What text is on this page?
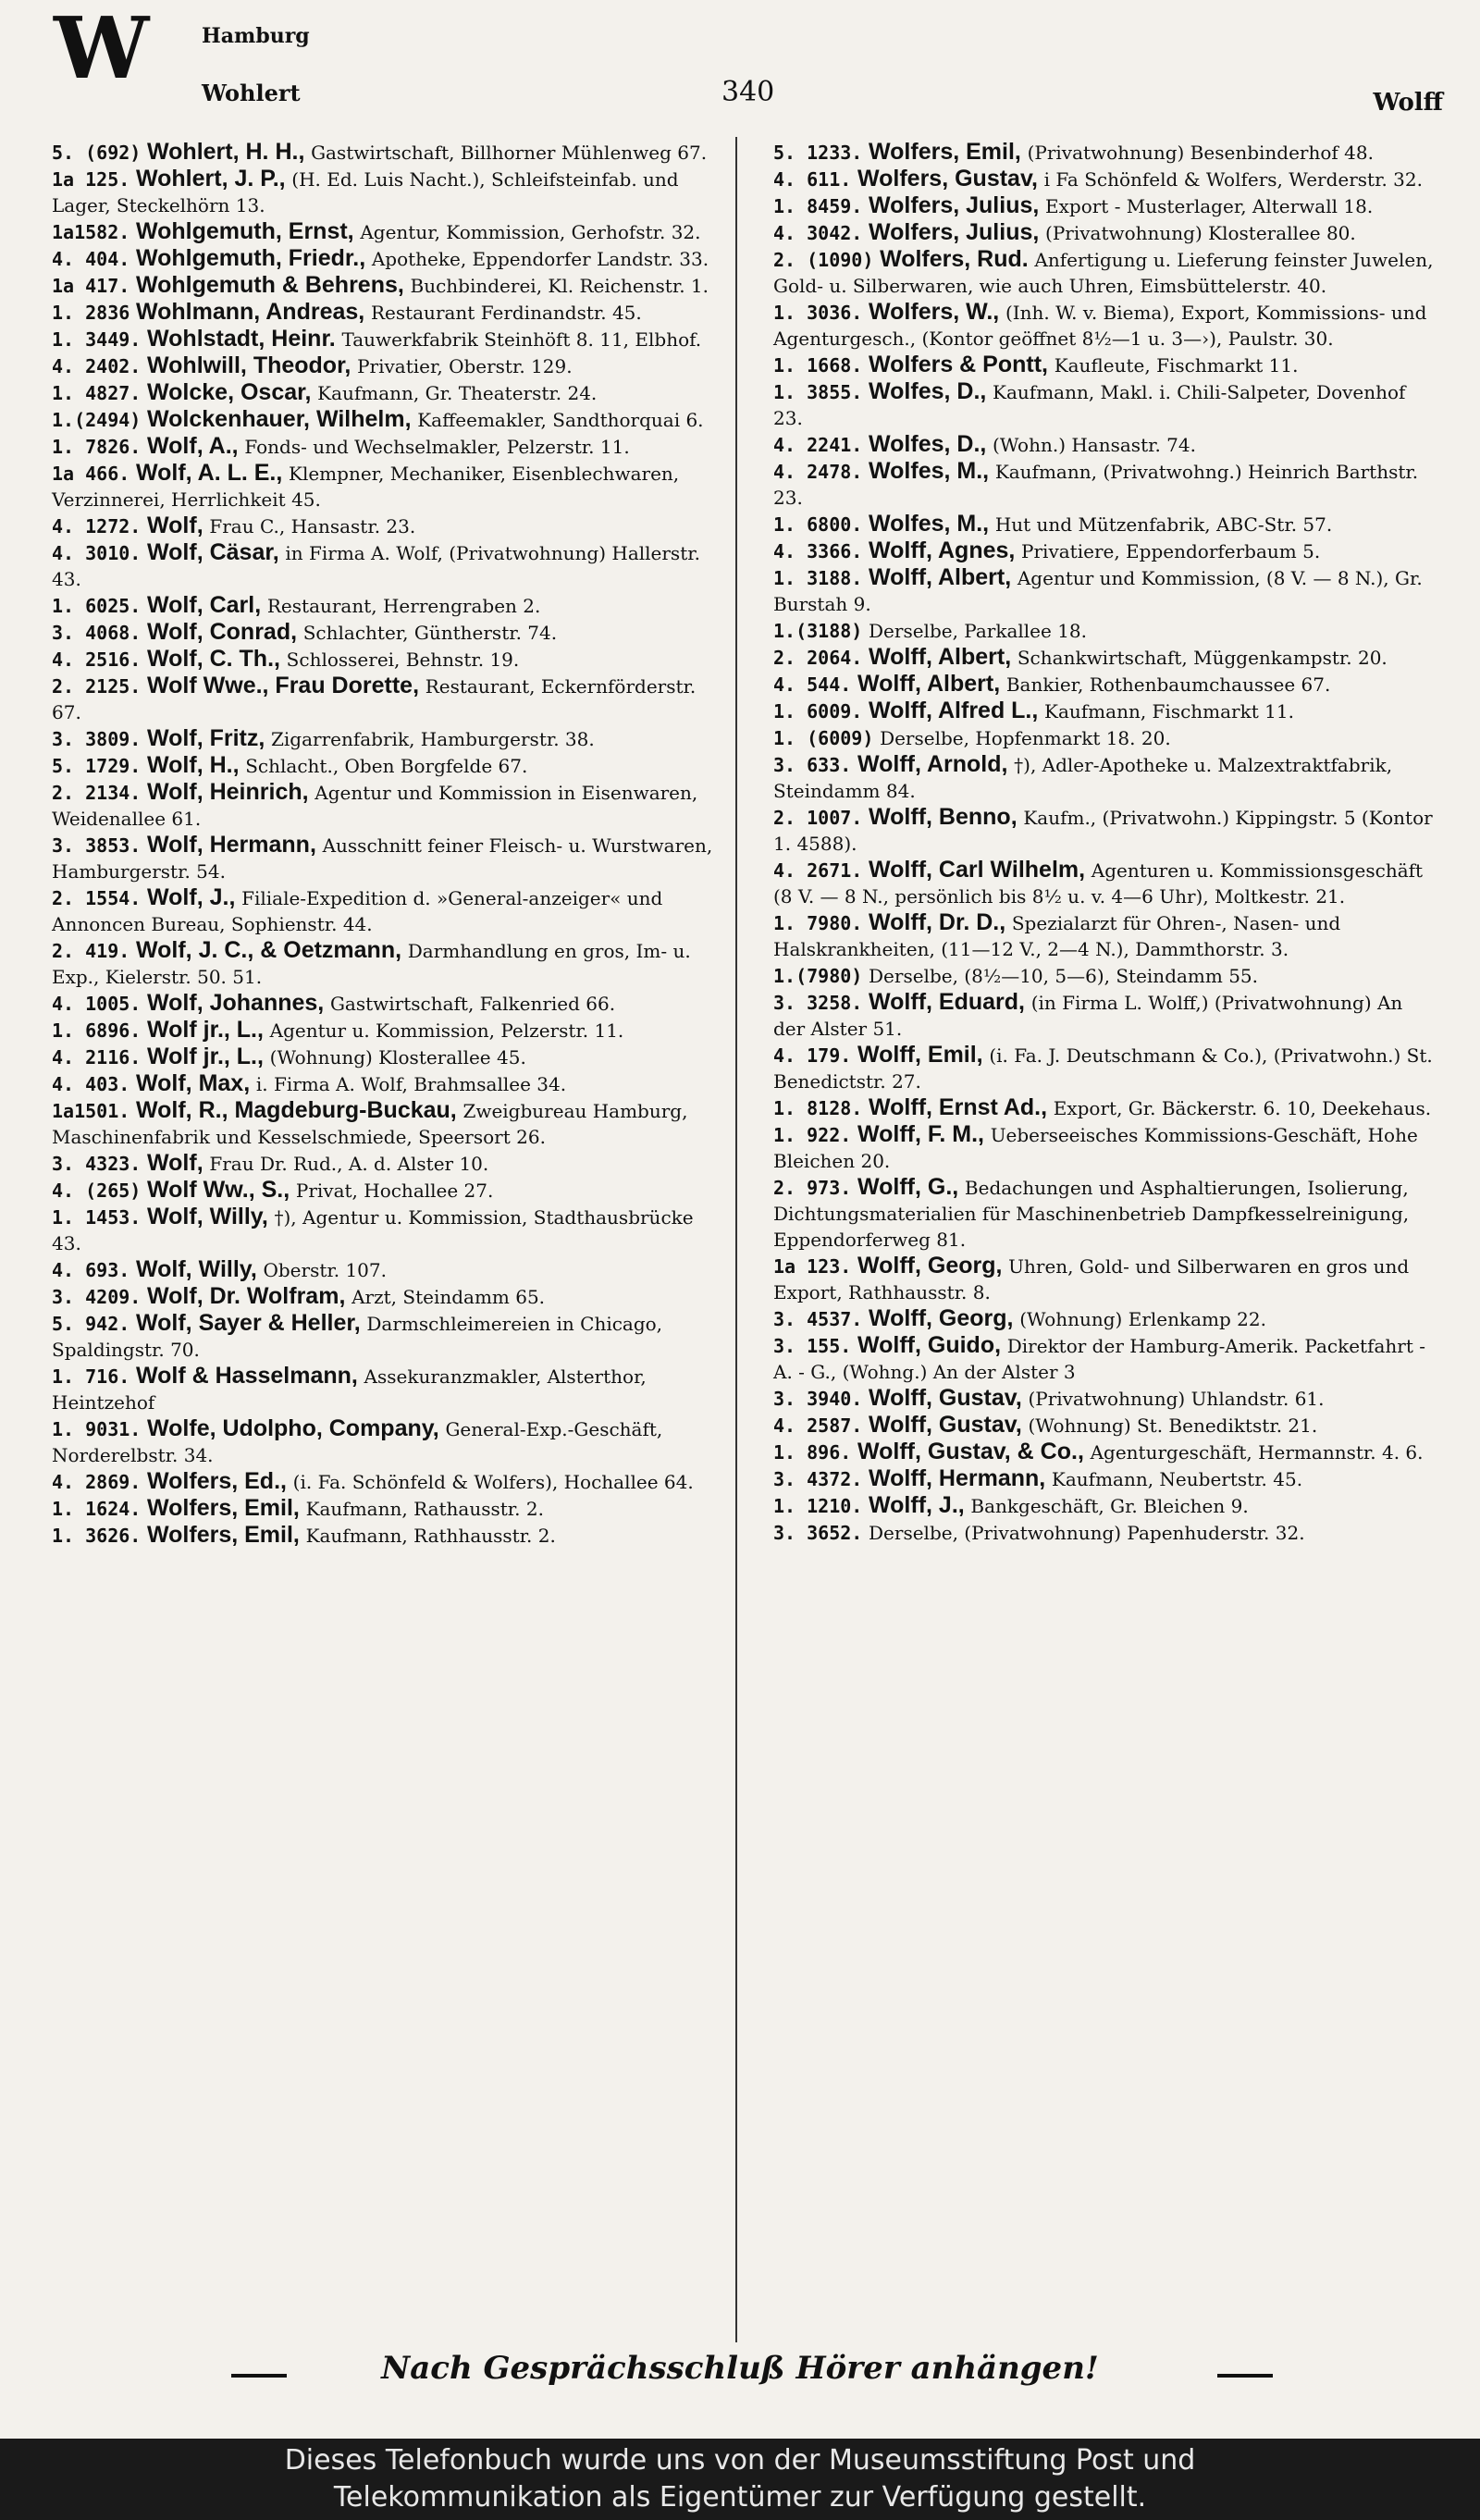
W	Hamburg
Wohlert	340	Wolff
5. (692) Wohlert, H. H., Gastwirtschaft, Billhorner Mühlenweg 67.
1a 125. Wohlert, J. P., (H. Ed. Luis Nacht.), Schleifsteinfab. und Lager, Steckelhörn 13.
1a1582. Wohlgemuth, Ernst, Agentur, Kommission, Gerhofstr. 32.
4. 404. Wohlgemuth, Friedr., Apotheke, Eppendorfer Landstr. 33.
1a 417. Wohlgemuth & Behrens, Buchbinderei, Kl. Reichenstr. 1.
1. 2836 Wohlmann, Andreas, Restaurant Ferdinandstr. 45.
1. 3449. Wohlstadt, Heinr. Tauwerkfabrik Steinhöft 8. 11, Elbhof.
4. 2402. Wohlwill, Theodor, Privatier, Oberstr. 129.
1. 4827. Wolcke, Oscar, Kaufmann, Gr. Theaterstr. 24.
1.(2494) Wolckenhauer, Wilhelm, Kaffeemakler, Sandthorquai 6.
1. 7826. Wolf, A., Fonds- und Wechselmakler, Pelzerstr. 11.
1a 466. Wolf, A. L. E., Klempner, Mechaniker, Eisenblechwaren, Verzinnerei, Herrlichkeit 45.
4. 1272. Wolf, Frau C., Hansastr. 23.
4. 3010. Wolf, Cäsar, in Firma A. Wolf, (Privatwohnung) Hallerstr. 43.
1. 6025. Wolf, Carl, Restaurant, Herrengraben 2.
3. 4068. Wolf, Conrad, Schlachter, Güntherstr. 74.
4. 2516. Wolf, C. Th., Schlosserei, Behnstr. 19.
2. 2125. Wolf Wwe., Frau Dorette, Restaurant, Eckernförderstr. 67.
3. 3809. Wolf, Fritz, Zigarrenfabrik, Hamburgerstr. 38.
5. 1729. Wolf, H., Schlacht., Oben Borgfelde 67.
2. 2134. Wolf, Heinrich, Agentur und Kommission in Eisenwaren, Weidenallee 61.
3. 3853. Wolf, Hermann, Ausschnitt feiner Fleisch- u. Wurstwaren, Hamburgerstr. 54.
2. 1554. Wolf, J., Filiale-Expedition d. »General-anzeiger« und Annoncen Bureau, Sophienstr. 44.
2. 419. Wolf, J. C., & Oetzmann, Darmhandlung en gros, Im- u. Exp., Kielerstr. 50. 51.
4. 1005. Wolf, Johannes, Gastwirtschaft, Falkenried 66.
1. 6896. Wolf jr., L., Agentur u. Kommission, Pelzerstr. 11.
4. 2116. Wolf jr., L., (Wohnung) Klosterallee 45.
4. 403. Wolf, Max, i. Firma A. Wolf, Brahmsallee 34.
1a1501. Wolf, R., Magdeburg-Buckau, Zweigbureau Hamburg, Maschinenfabrik und Kesselschmiede, Speersort 26.
3. 4323. Wolf, Frau Dr. Rud., A. d. Alster 10.
4. (265) Wolf Ww., S., Privat, Hochallee 27.
1. 1453. Wolf, Willy, †), Agentur u. Kommission, Stadthausbrücke 43.
4. 693. Wolf, Willy, Oberstr. 107.
3. 4209. Wolf, Dr. Wolfram, Arzt, Steindamm 65.
5. 942. Wolf, Sayer & Heller, Darmschleimereien in Chicago, Spaldingstr. 70.
1. 716. Wolf & Hasselmann, Assekuranzmakler, Alsterthor, Heintzehof
1. 9031. Wolfe, Udolpho, Company, General-Exp.-Geschäft, Norderelbstr. 34.
4. 2869. Wolfers, Ed., (i. Fa. Schönfeld & Wolfers), Hochallee 64.
1. 1624. Wolfers, Emil, Kaufmann, Rathausstr. 2.
1. 3626. Wolfers, Emil, Kaufmann, Rathhausstr. 2.
5. 1233. Wolfers, Emil, (Privatwohnung) Besenbinderhof 48.
4. 611. Wolfers, Gustav, i Fa Schönfeld & Wolfers, Werderstr. 32.
1. 8459. Wolfers, Julius, Export - Musterlager, Alterwall 18.
4. 3042. Wolfers, Julius, (Privatwohnung) Klosterallee 80.
2. (1090) Wolfers, Rud. Anfertigung u. Lieferung feinster Juwelen, Gold- u. Silberwaren, wie auch Uhren, Eimsbüttelerstr. 40.
1. 3036. Wolfers, W., (Inh. W. v. Biema), Export, Kommissions- und Agenturgesch., (Kontor geöffnet 8½—1 u. 3—›), Paulstr. 30.
1. 1668. Wolfers & Pontt, Kaufleute, Fischmarkt 11.
1. 3855. Wolfes, D., Kaufmann, Makl. i. Chili-Salpeter, Dovenhof 23.
4. 2241. Wolfes, D., (Wohn.) Hansastr. 74.
4. 2478. Wolfes, M., Kaufmann, (Privatwohng.) Heinrich Barthstr. 23.
1. 6800. Wolfes, M., Hut und Mützenfabrik, ABC-Str. 57.
4. 3366. Wolff, Agnes, Privatiere, Eppendorferbaum 5.
1. 3188. Wolff, Albert, Agentur und Kommission, (8 V. — 8 N.), Gr. Burstah 9.
1.(3188) Derselbe, Parkallee 18.
2. 2064. Wolff, Albert, Schankwirtschaft, Müggenkampstr. 20.
4. 544. Wolff, Albert, Bankier, Rothenbaumchaussee 67.
1. 6009. Wolff, Alfred L., Kaufmann, Fischmarkt 11.
1. (6009) Derselbe, Hopfenmarkt 18. 20.
3. 633. Wolff, Arnold, †), Adler-Apotheke u. Malzextraktfabrik, Steindamm 84.
2. 1007. Wolff, Benno, Kaufm., (Privatwohn.) Kippingstr. 5 (Kontor 1. 4588).
4. 2671. Wolff, Carl Wilhelm, Agenturen u. Kommissionsgeschäft (8 V. — 8 N., persönlich bis 8½ u. v. 4—6 Uhr), Moltkestr. 21.
1. 7980. Wolff, Dr. D., Spezialarzt für Ohren-, Nasen- und Halskrankheiten, (11—12 V., 2—4 N.), Dammthorstr. 3.
1.(7980) Derselbe, (8½—10, 5—6), Steindamm 55.
3. 3258. Wolff, Eduard, (in Firma L. Wolff,) (Privatwohnung) An der Alster 51.
4. 179. Wolff, Emil, (i. Fa. J. Deutschmann & Co.), (Privatwohn.) St. Benedictstr. 27.
1. 8128. Wolff, Ernst Ad., Export, Gr. Bäckerstr. 6. 10, Deekehaus.
1. 922. Wolff, F. M., Ueberseeisches Kommissions-Geschäft, Hohe Bleichen 20.
2. 973. Wolff, G., Bedachungen und Asphaltierungen, Isolierung, Dichtungsmaterialien für Maschinenbetrieb Dampfkesselreinigung, Eppendorferweg 81.
1a 123. Wolff, Georg, Uhren, Gold- und Silberwaren en gros und Export, Rathhausstr. 8.
3. 4537. Wolff, Georg, (Wohnung) Erlenkamp 22.
3. 155. Wolff, Guido, Direktor der Hamburg-Amerik. Packetfahrt - A. - G., (Wohng.) An der Alster 3
3. 3940. Wolff, Gustav, (Privatwohnung) Uhlandstr. 61.
4. 2587. Wolff, Gustav, (Wohnung) St. Benediktstr. 21.
1. 896. Wolff, Gustav, & Co., Agenturgeschäft, Hermannstr. 4. 6.
3. 4372. Wolff, Hermann, Kaufmann, Neubertstr. 45.
1. 1210. Wolff, J., Bankgeschäft, Gr. Bleichen 9.
3. 3652. Derselbe, (Privatwohnung) Papenhuderstr. 32.
Nach Gesprächsschluß Hörer anhängen!
Dieses Telefonbuch wurde uns von der Museumsstiftung Post und
Telekommunikation als Eigentümer zur Verfügung gestellt.
